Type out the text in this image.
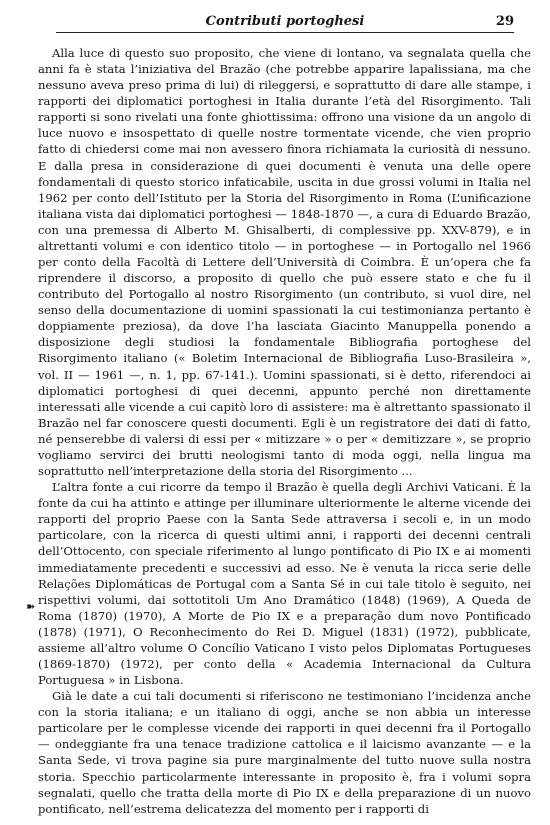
Contributi portoghesi	29
➽

Alla luce di questo suo proposito, che viene di lontano, va segnalata quella che anni fa è stata l’iniziativa del Brazão (che potrebbe apparire lapalissiana, ma che nessuno aveva preso prima di lui) di rileggersi, e soprattutto di dare alle stampe, i rapporti dei diplomatici portoghesi in Italia durante l’età del Risorgimento. Tali rapporti si sono rivelati una fonte ghiottissima: offrono una visione da un angolo di luce nuovo e insospettato di quelle nostre tormentate vicende, che vien proprio fatto di chiedersi come mai non avessero finora richiamata la curiosità di nessuno. E dalla presa in considerazione di quei documenti è venuta una delle opere fondamentali di questo storico infaticabile, uscita in due grossi volumi in Italia nel 1962 per conto dell’Istituto per la Storia del Risorgimento in Roma (L’unificazione italiana vista dai diplomatici portoghesi — 1848-1870 —, a cura di Eduardo Brazão, con una premessa di Alberto M. Ghisalberti, di complessive pp. XXV-879), e in altrettanti volumi e con identico titolo — in portoghese — in Portogallo nel 1966 per conto della Facoltà di Lettere dell’Università di Coimbra. È un’opera che fa riprendere il discorso, a proposito di quello che può essere stato e che fu il contributo del Portogallo al nostro Risorgimento (un contributo, si vuol dire, nel senso della documentazione di uomini spassionati la cui testimonianza pertanto è doppiamente preziosa), da dove l’ha lasciata Giacinto Manuppella ponendo a disposizione degli studiosi la fondamentale Bibliografia portoghese del Risorgimento italiano (« Boletim Internacional de Bibliografia Luso-Brasileira », vol. II — 1961 —, n. 1, pp. 67-141.). Uomini spassionati, si è detto, riferendoci ai diplomatici portoghesi di quei decenni, appunto perché non direttamente interessati alle vicende a cui capitò loro di assistere: ma è altrettanto spassionato il Brazão nel far conoscere questi documenti. Egli è un registratore dei dati di fatto, né penserebbe di valersi di essi per « mitizzare » o per « demitizzare », se proprio vogliamo servirci dei brutti neologismi tanto di moda oggi, nella lingua ma soprattutto nell’interpretazione della storia del Risorgimento ...

L’altra fonte a cui ricorre da tempo il Brazão è quella degli Archivi Vaticani. È la fonte da cui ha attinto e attinge per illuminare ulteriormente le alterne vicende dei rapporti del proprio Paese con la Santa Sede attraversa i secoli e, in un modo particolare, con la ricerca di questi ultimi anni, i rapporti dei decenni centrali dell’Ottocento, con speciale riferimento al lungo pontificato di Pio IX e ai momenti immediatamente precedenti e successivi ad esso. Ne è venuta la ricca serie delle Relações Diplomáticas de Portugal com a Santa Sé in cui tale titolo è seguito, nei rispettivi volumi, dai sottotitoli Um Ano Dramático (1848) (1969), A Queda de Roma (1870) (1970), A Morte de Pio IX e a preparação dum novo Pontificado (1878) (1971), O Reconhecimento do Rei D. Miguel (1831) (1972), pubblicate, assieme all’altro volume O Concílio Vaticano I visto pelos Diplomatas Portugueses (1869-1870) (1972), per conto della « Academia Internacional da Cultura Portuguesa » in Lisbona.

Già le date a cui tali documenti si riferiscono ne testimoniano l’incidenza anche con la storia italiana; e un italiano di oggi, anche se non abbia un interesse particolare per le complesse vicende dei rapporti in quei decenni fra il Portogallo — ondeggiante fra una tenace tradizione cattolica e il laicismo avanzante — e la Santa Sede, vi trova pagine sia pure marginalmente del tutto nuove sulla nostra storia. Specchio particolarmente interessante in proposito è, fra i volumi sopra segnalati, quello che tratta della morte di Pio IX e della preparazione di un nuovo pontificato, nell’estrema delicatezza del momento per i rapporti di
